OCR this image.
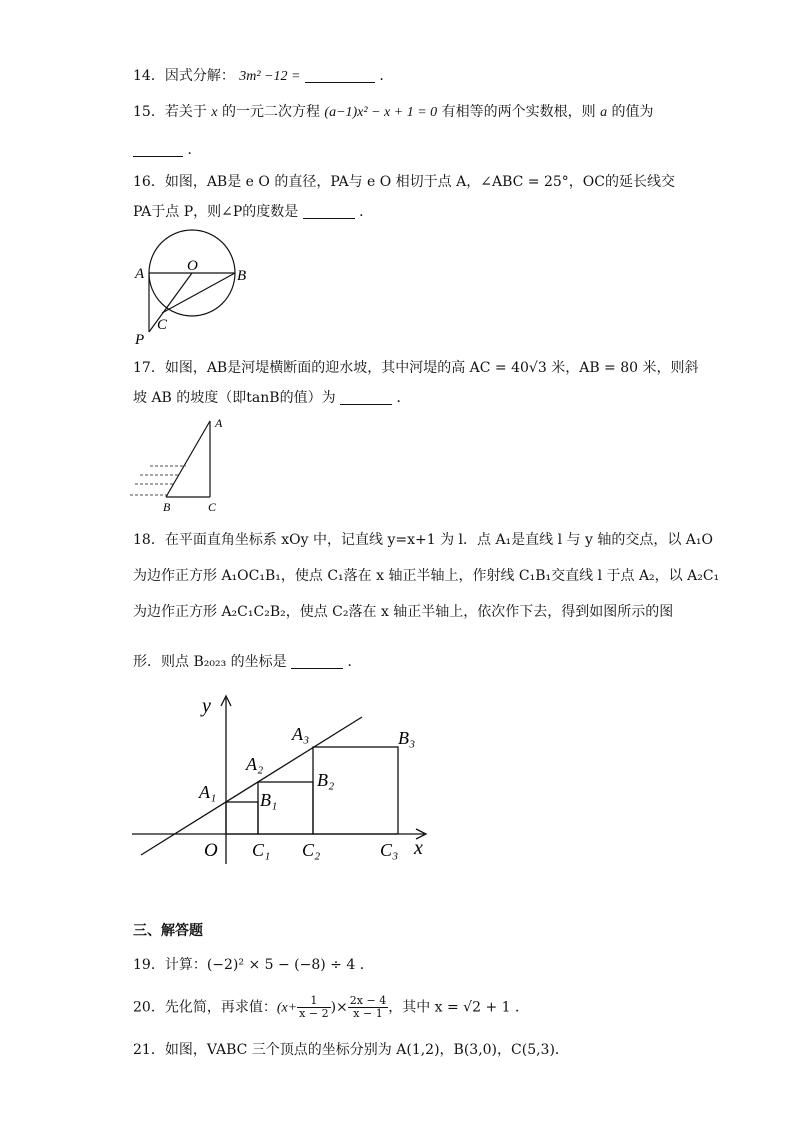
14．因式分解： 3m² −12 =	．
15．若关于 x 的一元二次方程 (a−1)x² − x + 1 = 0 有相等的两个实数根，则 a 的值为
．
16．如图，AB是 e O 的直径，PA与 e O 相切于点 A，∠ABC = 25°，OC的延长线交
PA于点 P，则∠P的度数是	．
A	O
B
C
P
17．如图，AB是河堤横断面的迎水坡，其中河堤的高 AC = 40√3 米，AB = 80 米，则斜
坡 AB 的坡度（即tanB的值）为	．
A
B	C
18．在平面直角坐标系 xOy 中，记直线 y=x+1 为 l．点 A₁是直线 l 与 y 轴的交点，以 A₁O
为边作正方形 A₁OC₁B₁，使点 C₁落在 x 轴正半轴上，作射线 C₁B₁交直线 l 于点 A₂，以 A₂C₁
为边作正方形 A₂C₁C₂B₂，使点 C₂落在 x 轴正半轴上，依次作下去，得到如图所示的图
形．则点 B₂₀₂₃ 的坐标是	．
y
x
O
A₁
A₂
A₃
B₁
B₂
B₃
C₁ C₂	C₃
三、解答题
19．计算：(−2)² × 5 − (−8) ÷ 4 ．
20．先化简，再求值：($x+ \frac{1}{x - 2}$ )× $\frac{2x - 4}{x - 1}$ ，其中 x = √2 + 1 ．
21．如图，VABC 三个顶点的坐标分别为 A(1,2)，B(3,0)，C(5,3)．
